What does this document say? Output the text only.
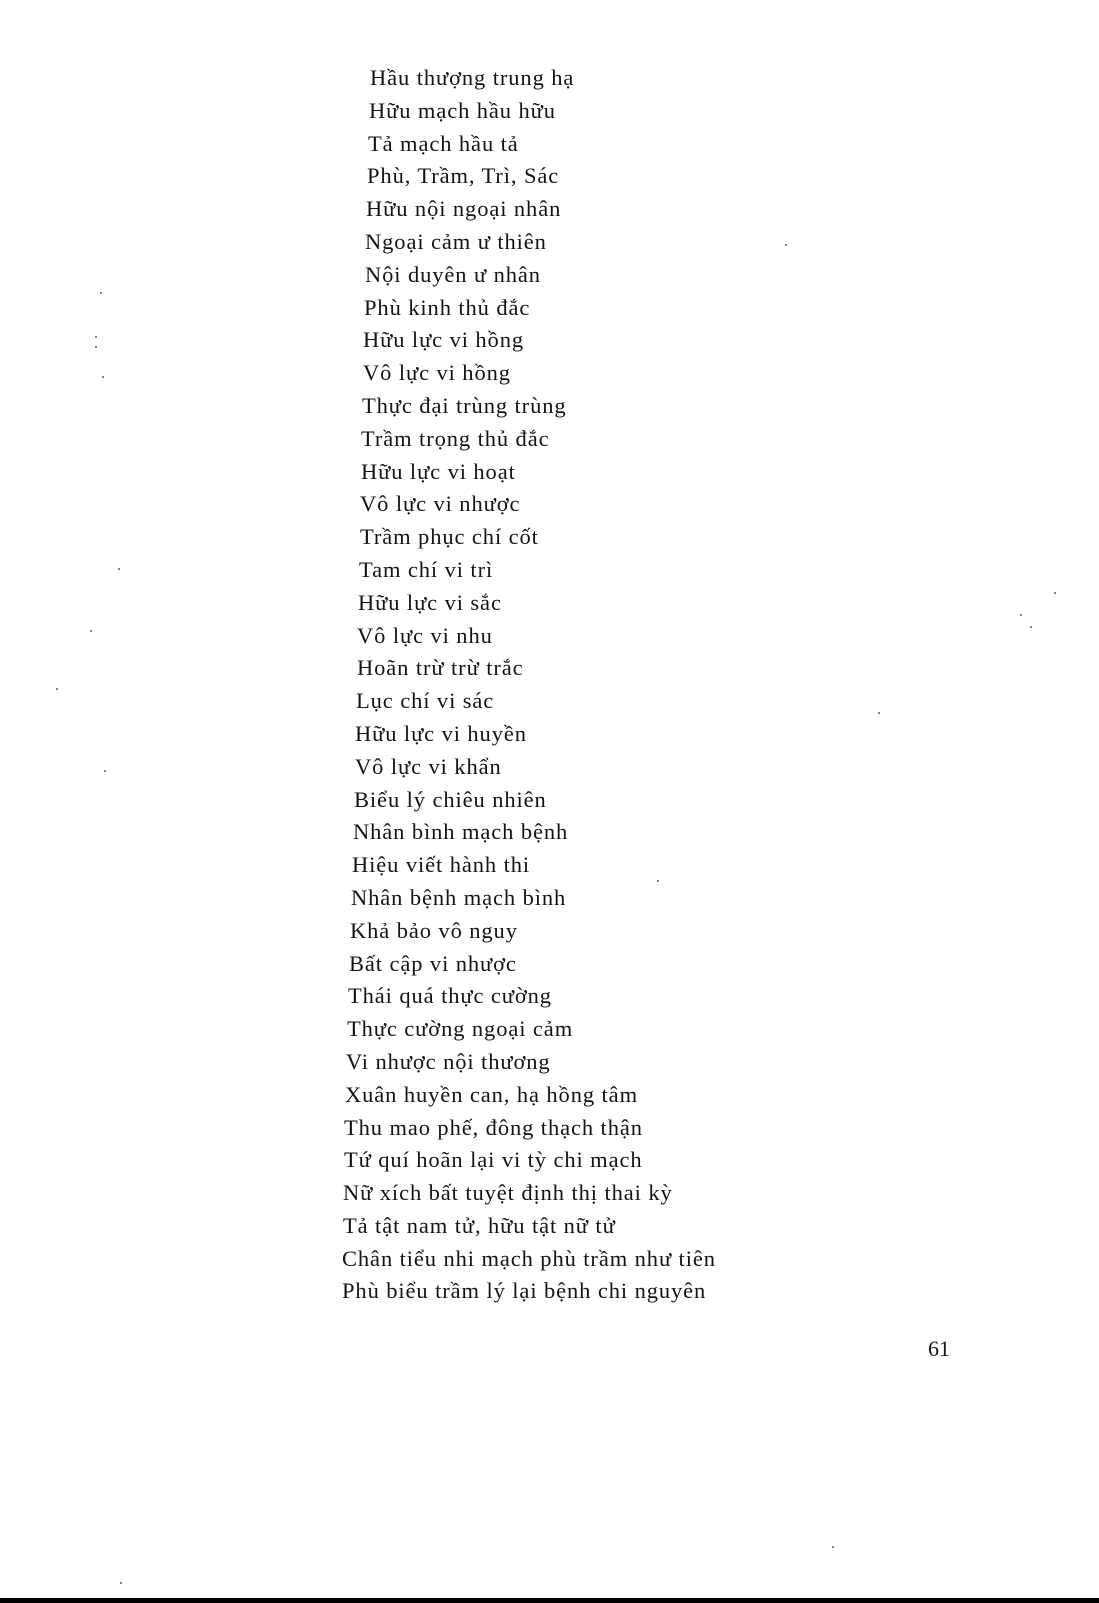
Hầu thượng trung hạ
Hữu mạch hầu hữu
Tả mạch hầu tả
Phù, Trầm, Trì, Sác
Hữu nội ngoại nhân
Ngoại cảm ư thiên
Nội duyên ư nhân
Phù kinh thủ đắc
Hữu lực vi hồng
Vô lực vi hồng
Thực đại trùng trùng
Trầm trọng thủ đắc
Hữu lực vi hoạt
Vô lực vi nhược
Trầm phục chí cốt
Tam chí vi trì
Hữu lực vi sắc
Vô lực vi nhu
Hoãn trừ trừ trắc
Lục chí vi sác
Hữu lực vi huyền
Vô lực vi khẩn
Biểu lý chiêu nhiên
Nhân bình mạch bệnh
Hiệu viết hành thi
Nhân bệnh mạch bình
Khả bảo vô nguy
Bất cập vi nhược
Thái quá thực cường
Thực cường ngoại cảm
Vi nhược nội thương
Xuân huyền can, hạ hồng tâm
Thu mao phế, đông thạch thận
Tứ quí hoãn lại vi tỳ chi mạch
Nữ xích bất tuyệt định thị thai kỳ
Tả tật nam tử, hữu tật nữ tử
Chân tiểu nhi mạch phù trầm như tiên
Phù biểu trầm lý lại bệnh chi nguyên
61
